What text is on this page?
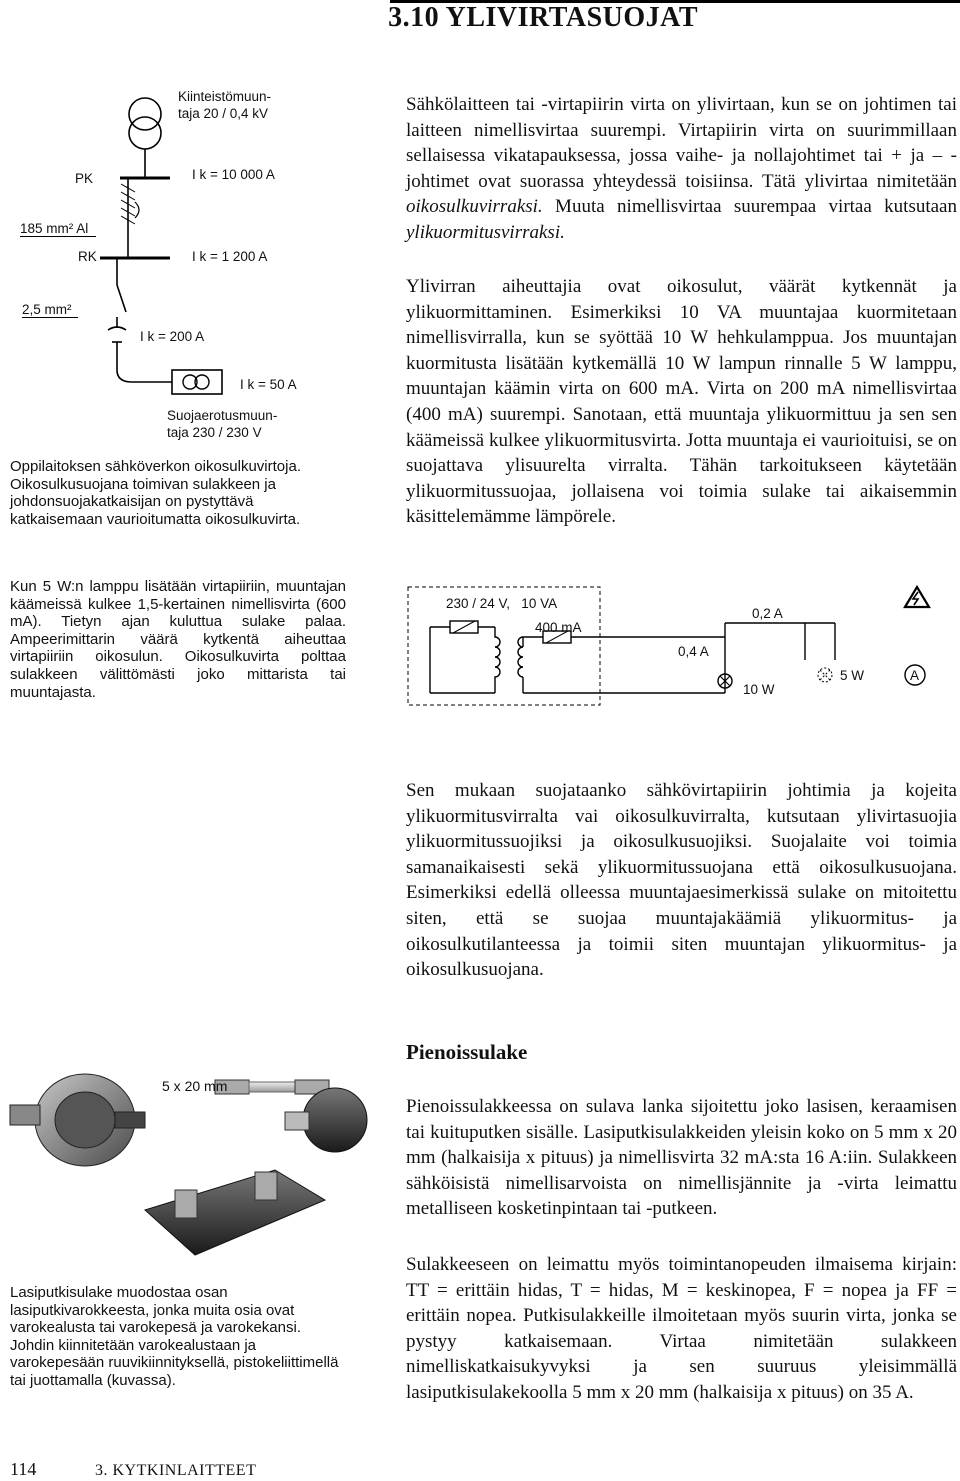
3.10 YLIVIRTASUOJAT
Kiinteistömuun-
taja 20 / 0,4 kV
I k = 10 000 A
PK
185 mm² Al
RK	I k = 1 200 A
2,5 mm²
I k = 200 A
I k = 50 A
Suojaerotusmuun-
taja 230 / 230 V
Oppilaitoksen sähköverkon oikosulkuvirtoja. Oikosulkusuojana toimivan sulakkeen ja johdonsuojakatkaisijan on pystyttävä katkaisemaan vaurioitumatta oikosulkuvirta.
Sähkölaitteen tai -virtapiirin virta on ylivirtaan, kun se on johtimen tai laitteen nimellisvirtaa suurempi. Virtapiirin virta on suurimmillaan sellaisessa vikatapauksessa, jossa vaihe- ja nollajohtimet tai + ja – -johtimet ovat suorassa yhteydessä toisiinsa. Tätä ylivirtaa nimitetään oikosulkuvirraksi. Muuta nimellisvirtaa suurempaa virtaa kutsutaan ylikuormitusvirraksi.
Ylivirran aiheuttajia ovat oikosulut, väärät kytkennät ja ylikuormittaminen. Esimerkiksi 10 VA muuntajaa kuormitetaan nimellisvirralla, kun se syöttää 10 W hehkulamppua. Jos muuntajan kuormitusta lisätään kytkemällä 10 W lampun rinnalle 5 W lamppu, muuntajan käämin virta on 600 mA. Virta on 200 mA nimellisvirtaa (400 mA) suurempi. Sanotaan, että muuntaja ylikuormittuu ja sen sen käämeissä kulkee ylikuormitusvirta. Jotta muuntaja ei vaurioituisi, se on suojattava ylisuurelta virralta. Tähän tarkoitukseen käytetään ylikuormitussuojaa, jollaisena voi toimia sulake tai aikaisemmin käsittelemämme lämpörele.
Kun 5 W:n lamppu lisätään virtapiiriin, muuntajan käämeissä kulkee 1,5-kertainen nimellisvirta (600 mA). Tietyn ajan kuluttua sulake palaa. Ampeerimittarin väärä kytkentä aiheuttaa virtapiiriin oikosulun. Oikosulkuvirta polttaa sulakkeen välittömästi joko mittarista tai muuntajasta.
230 / 24 V,   10 VA
400 mA
0,2 A
0,4 A
10 W
5 W	A
Sen mukaan suojataanko sähkövirtapiirin johtimia ja kojeita ylikuormitusvirralta vai oikosulkuvirralta, kutsutaan ylivirtasuojia ylikuormitussuojiksi ja oikosulkusuojiksi. Suojalaite voi toimia samanaikaisesti sekä ylikuormitussuojana että oikosulkusuojana. Esimerkiksi edellä olleessa muuntajaesimerkissä sulake on mitoitettu siten, että se suojaa muuntajakäämiä ylikuormitus- ja oikosulkutilanteessa ja toimii siten muuntajan ylikuormitus- ja oikosulkusuojana.
Pienoissulake
Pienoissulakkeessa on sulava lanka sijoitettu joko lasisen, keraamisen tai kuituputken sisälle. Lasiputkisulakkeiden yleisin koko on 5 mm x 20 mm (halkaisija x pituus) ja nimellisvirta 32 mA:sta 16 A:iin. Sulakkeen sähköisistä nimellisarvoista on nimellisjännite ja -virta leimattu metalliseen kosketinpintaan tai -putkeen.
Sulakkeeseen on leimattu myös toimintanopeuden ilmaisema kirjain: TT = erittäin hidas, T = hidas, M = keskinopea, F = nopea ja FF = erittäin nopea. Putkisulakkeille ilmoitetaan myös suurin virta, jonka se pystyy katkaisemaan. Virtaa nimitetään sulakkeen nimelliskatkaisukyvyksi ja sen suuruus yleisimmällä lasiputkisulakekoolla 5 mm x 20 mm (halkaisija x pituus) on 35 A.
5 x 20 mm
Lasiputkisulake muodostaa osan lasiputkivarokkeesta, jonka muita osia ovat varokealusta tai varokepesä ja varokekansi. Johdin kiinnitetään varokealustaan ja varokepesään ruuvikiinnityksellä, pistokeliittimellä tai juottamalla (kuvassa).
114	3. KYTKINLAITTEET
